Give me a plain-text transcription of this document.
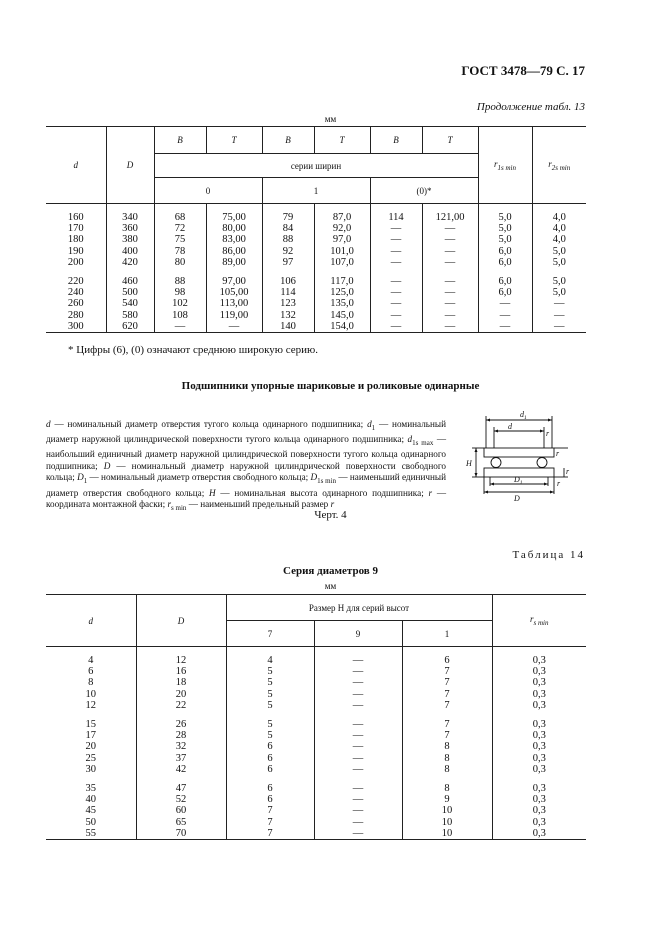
ГОСТ 3478—79 С. 17
Продолжение табл. 13
мм
d	D	B	T	B	T	B	T	$r_{1s min}$	$r_{2s min}$
		серии ширин							
		0		1		(0)*			

160	340	68	75,00	79	87,0	114	121,00	5,0	4,0
170	360	72	80,00	84	92,0	—	—	5,0	4,0
180	380	75	83,00	88	97,0	—	—	5,0	4,0
190	400	78	86,00	92	101,0	—	—	6,0	5,0
200	420	80	89,00	97	107,0	—	—	6,0	5,0

220	460	88	97,00	106	117,0	—	—	6,0	5,0
240	500	98	105,00	114	125,0	—	—	6,0	5,0
260	540	102	113,00	123	135,0	—	—	—	—
280	580	108	119,00	132	145,0	—	—	—	—
300	620	—	—	140	154,0	—	—	—	—
* Цифры (6), (0) означают среднюю широкую серию.
Подшипники упорные шариковые и роликовые одинарные
d — номинальный диаметр отверстия тугого кольца одинарного подшипника; $d_1$ — номинальный диаметр наружной цилиндрической поверхности тугого кольца одинарного подшипника; $d_{1s max}$ — наибольший единичный диаметр наружной цилиндрической поверхности тугого кольца одинарного подшипника; D — номинальный диаметр наружной цилиндрической поверхности свободного кольца; $D_1$ — номинальный диаметр отверстия свободного кольца; $D_{1s min}$ — наименьший единичный диаметр отверстия свободного кольца; H — номинальная высота одинарного подшипника; r — координата монтажной фаски; $r_{s min}$ — наименьший предельный размер r
$d_1$
d
r
r
r
r
H
$D_1$
D
Черт. 4
Таблица 14
Серия диаметров 9
мм
d	D	Размер H для серий высот			$r_{s min}$
		7	9	1	

4	12	4	—	6	0,3
6	16	5	—	7	0,3
8	18	5	—	7	0,3
10	20	5	—	7	0,3
12	22	5	—	7	0,3

15	26	5	—	7	0,3
17	28	5	—	7	0,3
20	32	6	—	8	0,3
25	37	6	—	8	0,3
30	42	6	—	8	0,3

35	47	6	—	8	0,3
40	52	6	—	9	0,3
45	60	7	—	10	0,3
50	65	7	—	10	0,3
55	70	7	—	10	0,3
